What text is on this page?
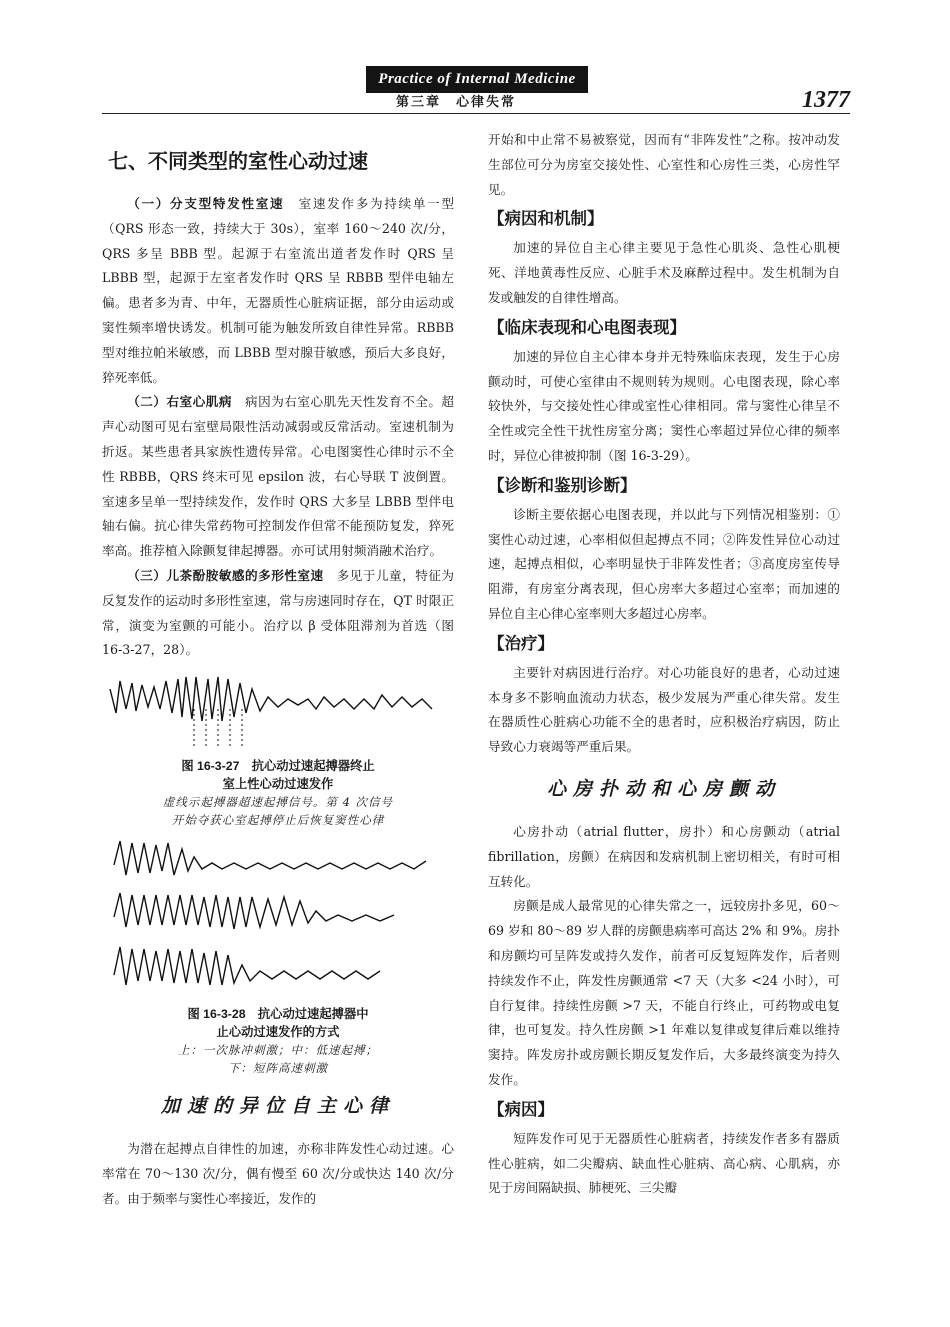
Practice of Internal Medicine
第三章　心律失常	1377
七、不同类型的室性心动过速

（一）分支型特发性室速　室速发作多为持续单一型（QRS 形态一致，持续大于 30s），室率 160～240 次/分，QRS 多呈 BBB 型。起源于右室流出道者发作时 QRS 呈 LBBB 型，起源于左室者发作时 QRS 呈 RBBB 型伴电轴左偏。患者多为青、中年，无器质性心脏病证据，部分由运动或窦性频率增快诱发。机制可能为触发所致自律性异常。RBBB 型对维拉帕米敏感，而 LBBB 型对腺苷敏感，预后大多良好，猝死率低。

（二）右室心肌病　病因为右室心肌先天性发育不全。超声心动图可见右室壁局限性活动减弱或反常活动。室速机制为折返。某些患者具家族性遗传异常。心电图窦性心律时示不全性 RBBB，QRS 终末可见 epsilon 波，右心导联 T 波倒置。室速多呈单一型持续发作，发作时 QRS 大多呈 LBBB 型伴电轴右偏。抗心律失常药物可控制发作但常不能预防复发，猝死率高。推荐植入除颤复律起搏器。亦可试用射频消融术治疗。

（三）儿茶酚胺敏感的多形性室速　多见于儿童，特征为反复发作的运动时多形性室速，常与房速同时存在，QT 时限正常，演变为室颤的可能小。治疗以 β 受体阻滞剂为首选（图 16-3-27，28）。

图 16-3-27　抗心动过速起搏器终止
室上性心动过速发作
虚线示起搏器超速起搏信号。第 4 次信号
开始夺获心室起搏停止后恢复窦性心律
图 16-3-28　抗心动过速起搏器中
止心动过速发作的方式
上：一次脉冲刺激；中：低速起搏；
下：短阵高速刺激
加速的异位自主心律

为潜在起搏点自律性的加速，亦称非阵发性心动过速。心率常在 70～130 次/分，偶有慢至 60 次/分或快达 140 次/分者。由于频率与窦性心率接近，发作的

开始和中止常不易被察觉，因而有“非阵发性”之称。按冲动发生部位可分为房室交接处性、心室性和心房性三类，心房性罕见。

【病因和机制】

加速的异位自主心律主要见于急性心肌炎、急性心肌梗死、洋地黄毒性反应、心脏手术及麻醉过程中。发生机制为自发或触发的自律性增高。

【临床表现和心电图表现】

加速的异位自主心律本身并无特殊临床表现，发生于心房颤动时，可使心室律由不规则转为规则。心电图表现，除心率较快外，与交接处性心律或室性心律相同。常与窦性心律呈不全性或完全性干扰性房室分离；窦性心率超过异位心律的频率时，异位心律被抑制（图 16-3-29）。

【诊断和鉴别诊断】

诊断主要依据心电图表现，并以此与下列情况相鉴别：①窦性心动过速，心率相似但起搏点不同；②阵发性异位心动过速，起搏点相似，心率明显快于非阵发性者；③高度房室传导阻滞，有房室分离表现，但心房率大多超过心室率；而加速的异位自主心律心室率则大多超过心房率。

【治疗】

主要针对病因进行治疗。对心功能良好的患者，心动过速本身多不影响血流动力状态，极少发展为严重心律失常。发生在器质性心脏病心功能不全的患者时，应积极治疗病因，防止导致心力衰竭等严重后果。

心房扑动和心房颤动

心房扑动（atrial flutter，房扑）和心房颤动（atrial fibrillation，房颤）在病因和发病机制上密切相关，有时可相互转化。

房颤是成人最常见的心律失常之一，远较房扑多见，60～69 岁和 80～89 岁人群的房颤患病率可高达 2% 和 9%。房扑和房颤均可呈阵发或持久发作，前者可反复短阵发作，后者则持续发作不止，阵发性房颤通常 <7 天（大多 <24 小时），可自行复律。持续性房颤 >7 天，不能自行终止，可药物或电复律，也可复发。持久性房颤 >1 年难以复律或复律后难以维持窦持。阵发房扑或房颤长期反复发作后，大多最终演变为持久发作。

【病因】

短阵发作可见于无器质性心脏病者，持续发作者多有器质性心脏病，如二尖瓣病、缺血性心脏病、高心病、心肌病，亦见于房间隔缺损、肺梗死、三尖瓣
